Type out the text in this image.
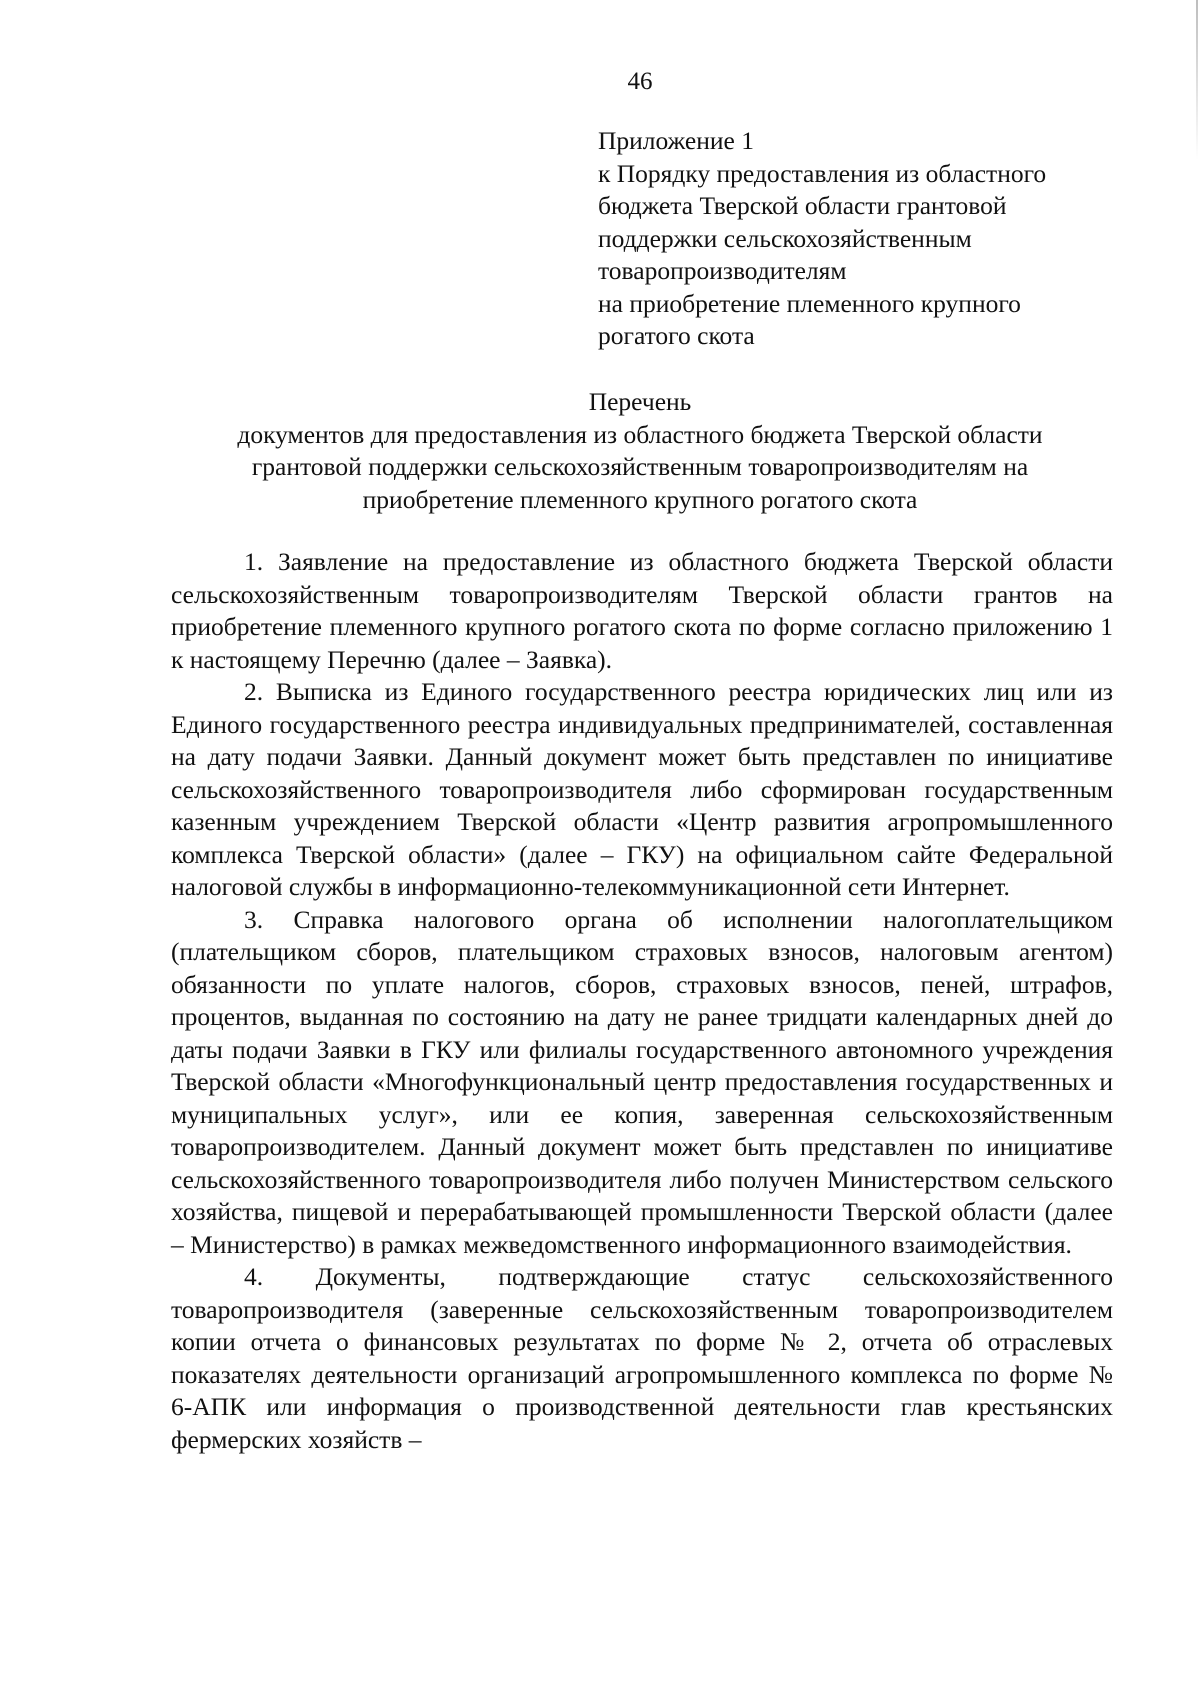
46
Приложение 1
к Порядку предоставления из областного
бюджета Тверской области грантовой
поддержки сельскохозяйственным
товаропроизводителям
на приобретение племенного крупного
рогатого скота
Перечень
документов для предоставления из областного бюджета Тверской области
грантовой поддержки сельскохозяйственным товаропроизводителям на
приобретение племенного крупного рогатого скота

1. Заявление на предоставление из областного бюджета Тверской области сельскохозяйственным товаропроизводителям Тверской области грантов на приобретение племенного крупного рогатого скота по форме согласно приложению 1 к настоящему Перечню (далее – Заявка).

2. Выписка из Единого государственного реестра юридических лиц или из Единого государственного реестра индивидуальных предпринимателей, составленная на дату подачи Заявки. Данный документ может быть представлен по инициативе сельскохозяйственного товаропроизводителя либо сформирован государственным казенным учреждением Тверской области «Центр развития агропромышленного комплекса Тверской области» (далее – ГКУ) на официальном сайте Федеральной налоговой службы в информационно-телекоммуникационной сети Интернет.

3. Справка налогового органа об исполнении налогоплательщиком (плательщиком сборов, плательщиком страховых взносов, налоговым агентом) обязанности по уплате налогов, сборов, страховых взносов, пеней, штрафов, процентов, выданная по состоянию на дату не ранее тридцати календарных дней до даты подачи Заявки в ГКУ или филиалы государственного автономного учреждения Тверской области «Многофункциональный центр предоставления государственных и муниципальных услуг», или ее копия, заверенная сельскохозяйственным товаропроизводителем. Данный документ может быть представлен по инициативе сельскохозяйственного товаропроизводителя либо получен Министерством сельского хозяйства, пищевой и перерабатывающей промышленности Тверской области (далее – Министерство) в рамках межведомственного информационного взаимодействия.

4. Документы, подтверждающие статус сельскохозяйственного товаропроизводителя (заверенные сельскохозяйственным товаропроизводителем копии отчета о финансовых результатах по форме № 2, отчета об отраслевых показателях деятельности организаций агропромышленного комплекса по форме № 6-АПК или информация о производственной деятельности глав крестьянских фермерских хозяйств –
